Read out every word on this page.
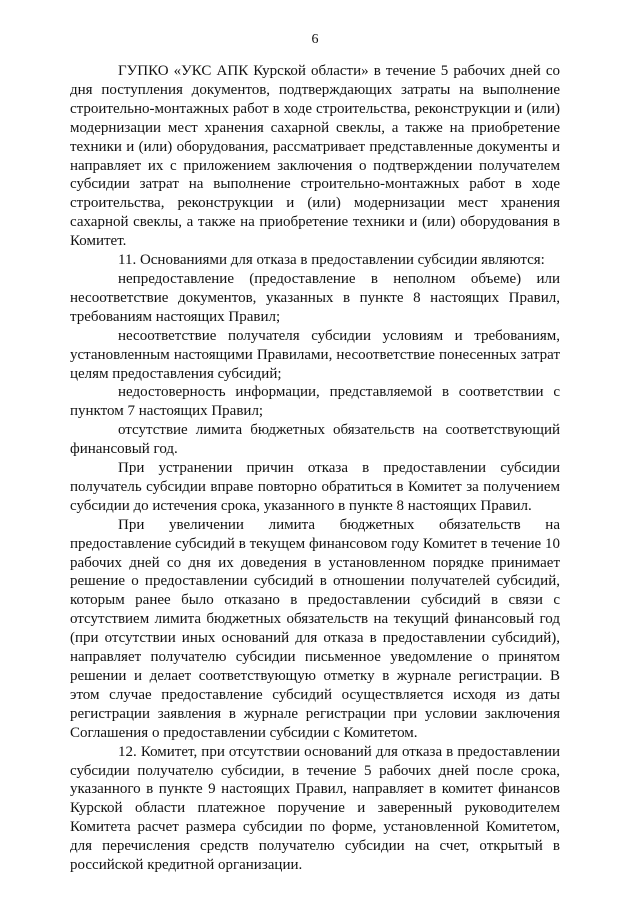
6

ГУПКО «УКС АПК Курской области» в течение 5 рабочих дней со дня поступления документов, подтверждающих затраты на выполнение строительно-монтажных работ в ходе строительства, реконструкции и (или) модернизации мест хранения сахарной свеклы, а также на приобретение техники и (или) оборудования, рассматривает представленные документы и направляет их с приложением заключения о подтверждении получателем субсидии затрат на выполнение строительно-монтажных работ в ходе строительства, реконструкции и (или) модернизации мест хранения сахарной свеклы, а также на приобретение техники и (или) оборудования в Комитет.

11. Основаниями для отказа в предоставлении субсидии являются:

непредоставление (предоставление в неполном объеме) или несоответствие документов, указанных в пункте 8 настоящих Правил, требованиям настоящих Правил;

несоответствие получателя субсидии условиям и требованиям, установленным настоящими Правилами, несоответствие понесенных затрат целям предоставления субсидий;

недостоверность информации, представляемой в соответствии с пунктом 7 настоящих Правил;

отсутствие лимита бюджетных обязательств на соответствующий финансовый год.

При устранении причин отказа в предоставлении субсидии получатель субсидии вправе повторно обратиться в Комитет за получением субсидии до истечения срока, указанного в пункте 8 настоящих Правил.

При увеличении лимита бюджетных обязательств на предоставление субсидий в текущем финансовом году Комитет в течение 10 рабочих дней со дня их доведения в установленном порядке принимает решение о предоставлении субсидий в отношении получателей субсидий, которым ранее было отказано в предоставлении субсидий в связи с отсутствием лимита бюджетных обязательств на текущий финансовый год (при отсутствии иных оснований для отказа в предоставлении субсидий), направляет получателю субсидии письменное уведомление о принятом решении и делает соответствующую отметку в журнале регистрации. В этом случае предоставление субсидий осуществляется исходя из даты регистрации заявления в журнале регистрации при условии заключения Соглашения о предоставлении субсидии с Комитетом.

12. Комитет, при отсутствии оснований для отказа в предоставлении субсидии получателю субсидии, в течение 5 рабочих дней после срока, указанного в пункте 9 настоящих Правил, направляет в комитет финансов Курской области платежное поручение и заверенный руководителем Комитета расчет размера субсидии по форме, установленной Комитетом, для перечисления средств получателю субсидии на счет, открытый в российской кредитной организации.
